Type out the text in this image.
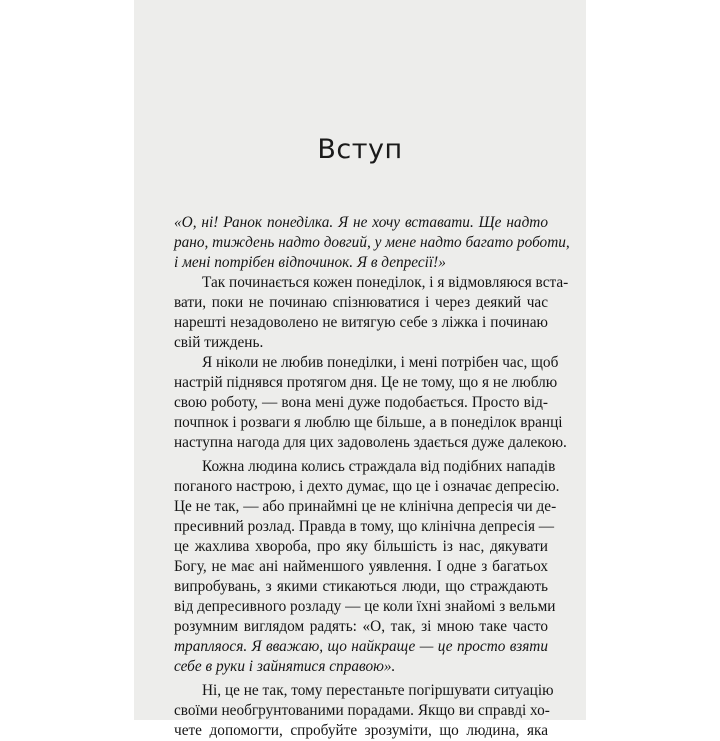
Вступ
«О, ні! Ранок понеділка. Я не хочу вставати. Ще надто
рано, тиждень надто довгий, у мене надто багато роботи,
і мені потрібен відпочинок. Я в депресії!»
Так починається кожен понеділок, і я відмовляюся вста-
вати, поки не починаю спізнюватися і через деякий час
нарешті незадоволено не витягую себе з ліжка і починаю
свій тиждень.
Я ніколи не любив понеділки, і мені потрібен час, щоб
настрій піднявся протягом дня. Це не тому, що я не люблю
свою роботу, — вона мені дуже подобається. Просто від-
почпнок і розваги я люблю ще більше, а в понеділок вранці
наступна нагода для цих задоволень здається дуже далекою.
Кожна людина колись страждала від подібних нападів
поганого настрою, і дехто думає, що це і означає депресію.
Це не так, — або принаймні це не клінічна депресія чи де-
пресивний розлад. Правда в тому, що клінічна депресія —
це жахлива хвороба, про яку більшість із нас, дякувати
Богу, не має ані найменшого уявлення. І одне з багатьох
випробувань, з якими стикаються люди, що страждають
від депресивного розладу — це коли їхні знайомі з вельми
розумним виглядом радять: «О, так, зі мною таке часто
трапляося. Я вважаю, що найкраще — це просто взяти
себе в руки і зайнятися справою».
Ні, це не так, тому перестаньте погіршувати ситуацію
своїми необгрунтованими порадами. Якщо ви справді хо-
чете допомогти, спробуйте зрозуміти, що людина, яка
